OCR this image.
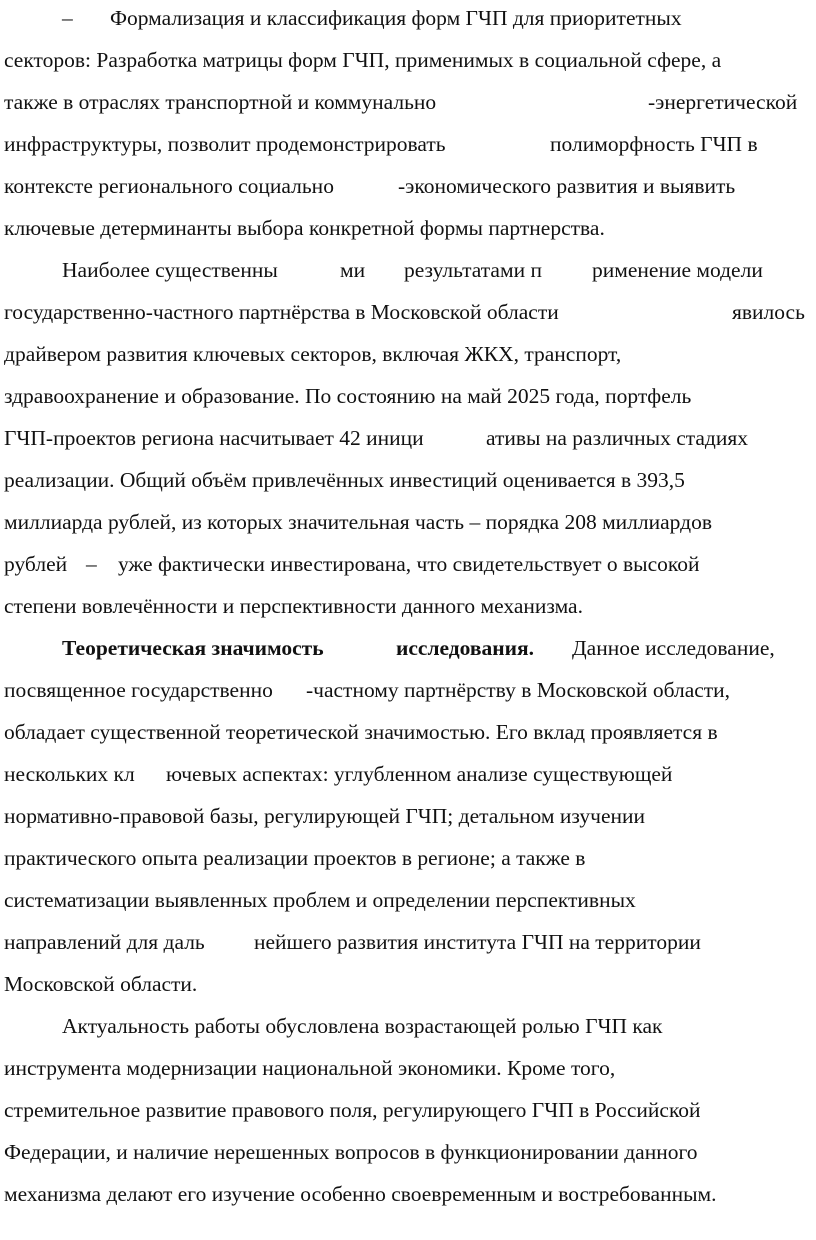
– Формализация и классификация форм ГЧП для приоритетных
секторов: Разработка матрицы форм ГЧП, применимых в социальной сфере, а
также в отраслях транспортной и коммунально	-энергетической
инфраструктуры, позволит продемонстрировать	полиморфность ГЧП в
контексте регионального социально	-экономического развития и выявить
ключевые детерминанты выбора конкретной формы партнерства.
Наиболее существенны	ми результатами п рименение модели
государственно-частного партнёрства в Московской области	явилось
драйвером развития ключевых секторов, включая ЖКХ, транспорт,
здравоохранение и образование. По состоянию на май 2025 года, портфель
ГЧП-проектов региона насчитывает 42 иници	ативы на различных стадиях
реализации. Общий объём привлечённых инвестиций оценивается в 393,5
миллиарда рублей, из которых значительная часть – порядка 208 миллиардов
рублей – уже фактически инвестирована, что свидетельствует о высокой
степени вовлечённости и перспективности данного механизма.
Теоретическая значимость	исследования. Данное исследование,
посвященное государственно -частному партнёрству в Московской области,
обладает существенной теоретической значимостью. Его вклад проявляется в
нескольких кл ючевых аспектах: углубленном анализе существующей
нормативно-правовой базы, регулирующей ГЧП; детальном изучении
практического опыта реализации проектов в регионе; а также в
систематизации выявленных проблем и определении перспективных
направлений для даль нейшего развития института ГЧП на территории
Московской области.
Актуальность работы обусловлена возрастающей ролью ГЧП как
инструмента модернизации национальной экономики. Кроме того,
стремительное развитие правового поля, регулирующего ГЧП в Российской
Федерации, и наличие нерешенных вопросов в функционировании данного
механизма делают его изучение особенно своевременным и востребованным.
